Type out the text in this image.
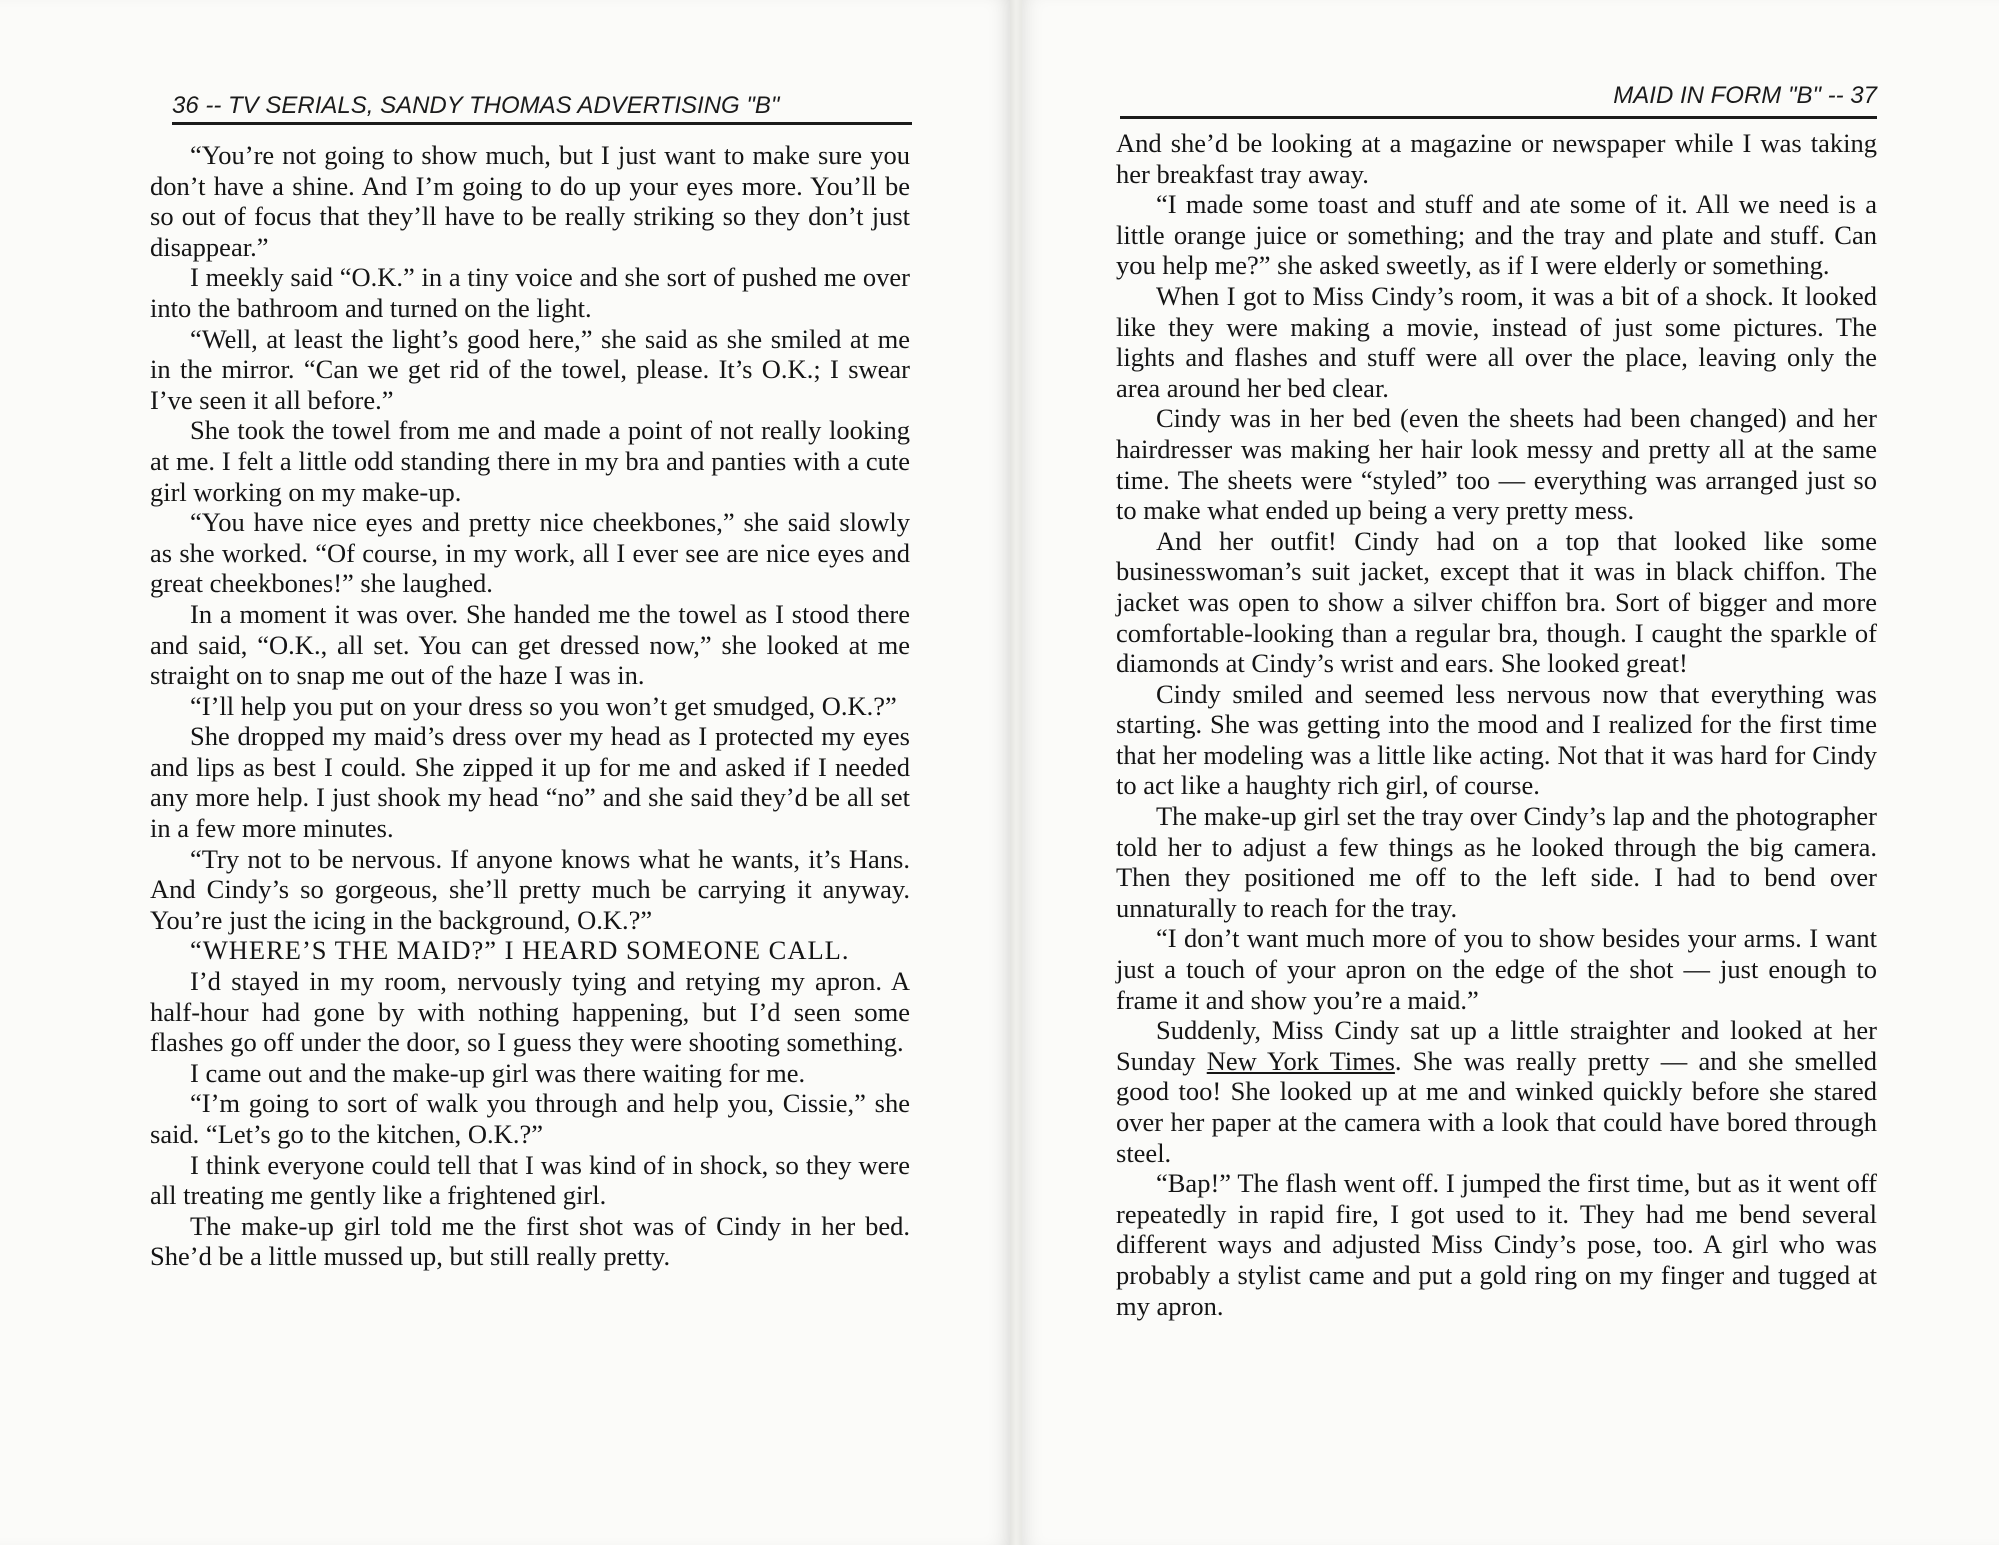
36 -- TV SERIALS, SANDY THOMAS ADVERTISING "B"

“You’re not going to show much, but I just want to make sure you don’t have a shine. And I’m going to do up your eyes more. You’ll be so out of focus that they’ll have to be really striking so they don’t just disappear.”

I meekly said “O.K.” in a tiny voice and she sort of pushed me over into the bathroom and turned on the light.

“Well, at least the light’s good here,” she said as she smiled at me in the mirror. “Can we get rid of the towel, please. It’s O.K.; I swear I’ve seen it all before.”

She took the towel from me and made a point of not really looking at me. I felt a little odd standing there in my bra and panties with a cute girl working on my make-up.

“You have nice eyes and pretty nice cheekbones,” she said slowly as she worked. “Of course, in my work, all I ever see are nice eyes and great cheekbones!” she laughed.

In a moment it was over. She handed me the towel as I stood there and said, “O.K., all set. You can get dressed now,” she looked at me straight on to snap me out of the haze I was in.

“I’ll help you put on your dress so you won’t get smudged, O.K.?”

She dropped my maid’s dress over my head as I protected my eyes and lips as best I could. She zipped it up for me and asked if I needed any more help. I just shook my head “no” and she said they’d be all set in a few more minutes.

“Try not to be nervous. If anyone knows what he wants, it’s Hans. And Cindy’s so gorgeous, she’ll pretty much be carrying it anyway. You’re just the icing in the background, O.K.?”

“WHERE’S THE MAID?” I HEARD SOMEONE CALL.

I’d stayed in my room, nervously tying and retying my apron. A half-hour had gone by with nothing happening, but I’d seen some flashes go off under the door, so I guess they were shooting something.

I came out and the make-up girl was there waiting for me.

“I’m going to sort of walk you through and help you, Cissie,” she said. “Let’s go to the kitchen, O.K.?”

I think everyone could tell that I was kind of in shock, so they were all treating me gently like a frightened girl.

The make-up girl told me the first shot was of Cindy in her bed. She’d be a little mussed up, but still really pretty.

MAID IN FORM "B" -- 37

And she’d be looking at a magazine or newspaper while I was taking her breakfast tray away.

“I made some toast and stuff and ate some of it. All we need is a little orange juice or something; and the tray and plate and stuff. Can you help me?” she asked sweetly, as if I were elderly or something.

When I got to Miss Cindy’s room, it was a bit of a shock. It looked like they were making a movie, instead of just some pictures. The lights and flashes and stuff were all over the place, leaving only the area around her bed clear.

Cindy was in her bed (even the sheets had been changed) and her hairdresser was making her hair look messy and pretty all at the same time. The sheets were “styled” too — everything was arranged just so to make what ended up being a very pretty mess.

And her outfit! Cindy had on a top that looked like some businesswoman’s suit jacket, except that it was in black chiffon. The jacket was open to show a silver chiffon bra. Sort of bigger and more comfortable-looking than a regular bra, though. I caught the sparkle of diamonds at Cindy’s wrist and ears. She looked great!

Cindy smiled and seemed less nervous now that everything was starting. She was getting into the mood and I realized for the first time that her modeling was a little like acting. Not that it was hard for Cindy to act like a haughty rich girl, of course.

The make-up girl set the tray over Cindy’s lap and the photographer told her to adjust a few things as he looked through the big camera. Then they positioned me off to the left side. I had to bend over unnaturally to reach for the tray.

“I don’t want much more of you to show besides your arms. I want just a touch of your apron on the edge of the shot — just enough to frame it and show you’re a maid.”

Suddenly, Miss Cindy sat up a little straighter and looked at her Sunday New York Times. She was really pretty — and she smelled good too! She looked up at me and winked quickly before she stared over her paper at the camera with a look that could have bored through steel.

“Bap!” The flash went off. I jumped the first time, but as it went off repeatedly in rapid fire, I got used to it. They had me bend several different ways and adjusted Miss Cindy’s pose, too. A girl who was probably a stylist came and put a gold ring on my finger and tugged at my apron.
